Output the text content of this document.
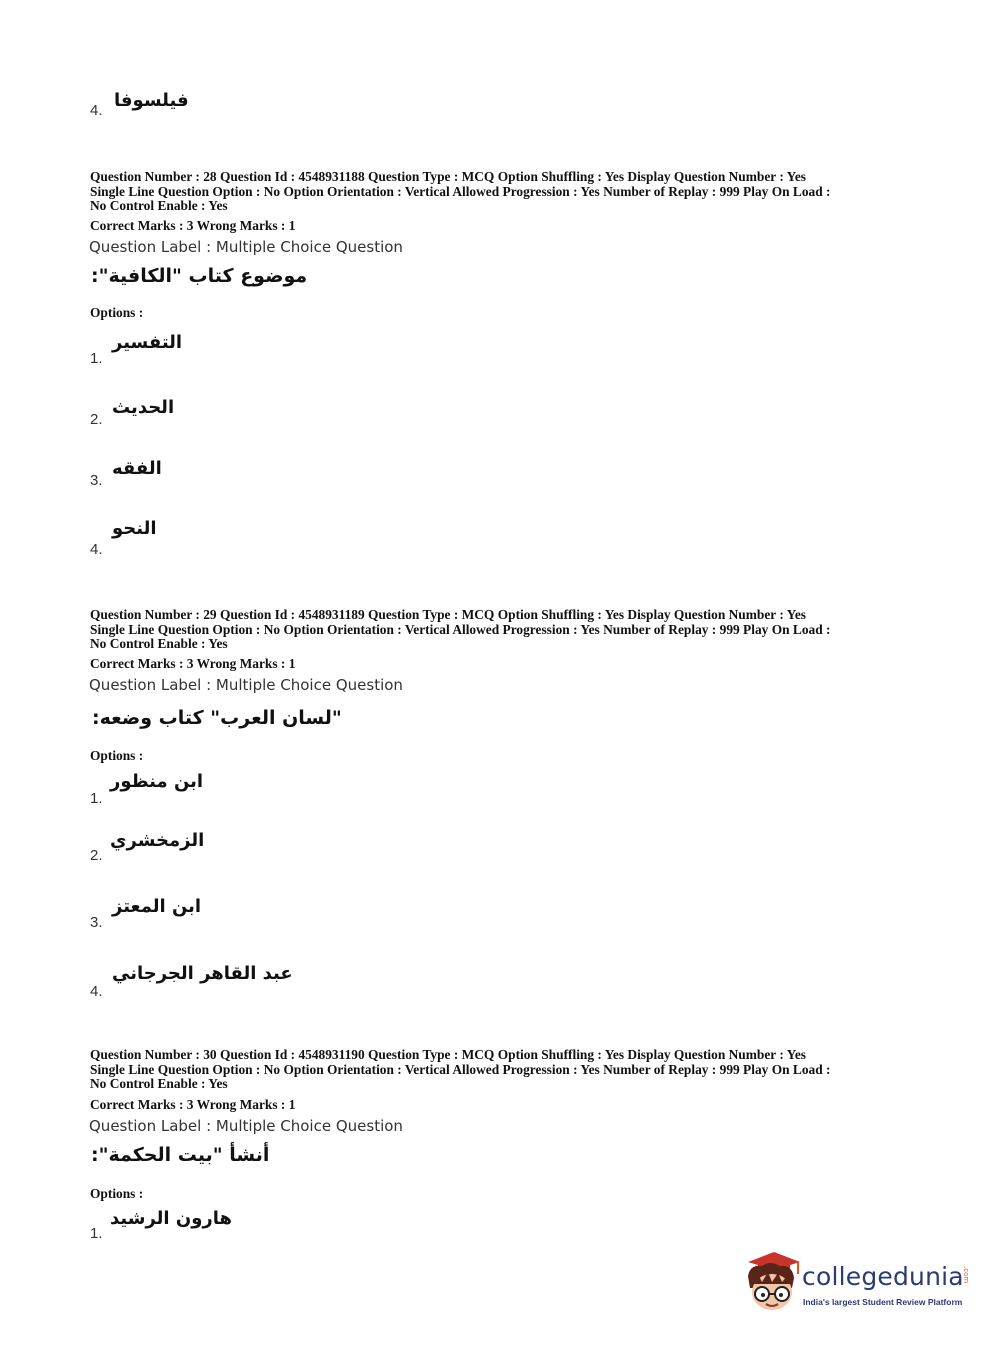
4. فيلسوفا
Question Number : 28 Question Id : 4548931188 Question Type : MCQ Option Shuffling : Yes Display Question Number : Yes
Single Line Question Option : No Option Orientation : Vertical Allowed Progression : Yes Number of Replay : 999 Play On Load :
No Control Enable : Yes
Correct Marks : 3 Wrong Marks : 1
Question Label : Multiple Choice Question
موضوع كتاب "الكافية":
Options :
1.
التفسير
2.
الحديث
3.
الفقه
4.
النحو
Question Number : 29 Question Id : 4548931189 Question Type : MCQ Option Shuffling : Yes Display Question Number : Yes
Single Line Question Option : No Option Orientation : Vertical Allowed Progression : Yes Number of Replay : 999 Play On Load :
No Control Enable : Yes
Correct Marks : 3 Wrong Marks : 1
Question Label : Multiple Choice Question
"لسان العرب" كتاب وضعه:
Options :
1.
ابن منظور
2.
الزمخشري
3.
ابن المعتز
4.
عبد القاهر الجرجاني
Question Number : 30 Question Id : 4548931190 Question Type : MCQ Option Shuffling : Yes Display Question Number : Yes
Single Line Question Option : No Option Orientation : Vertical Allowed Progression : Yes Number of Replay : 999 Play On Load :
No Control Enable : Yes
Correct Marks : 3 Wrong Marks : 1
Question Label : Multiple Choice Question
أنشأ "بيت الحكمة":
Options :
1.
هارون الرشيد
collegedunia
.com
India's largest Student Review Platform
